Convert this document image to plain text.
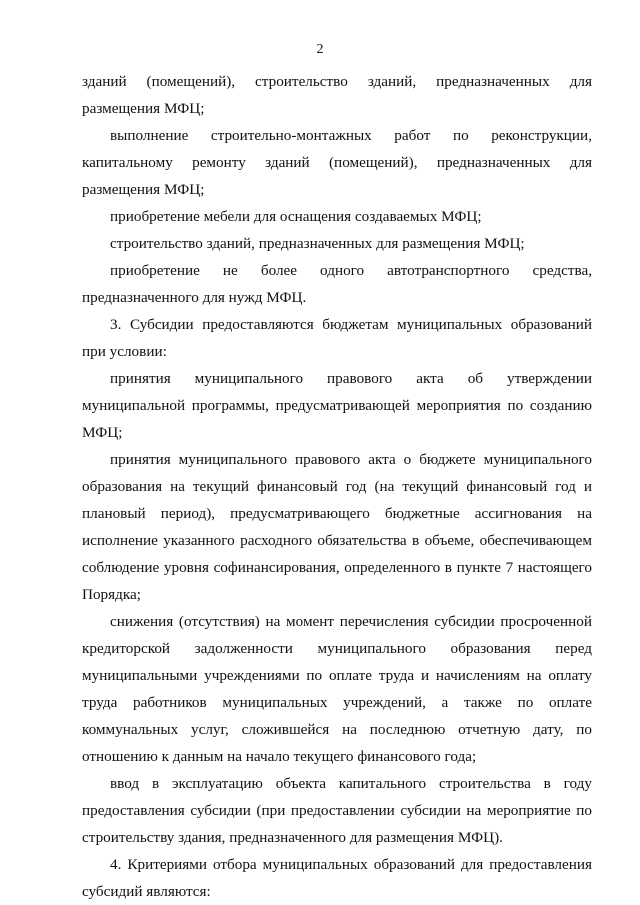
2

зданий (помещений), строительство зданий, предназначенных для размещения МФЦ;

выполнение строительно-монтажных работ по реконструкции, капитальному ремонту зданий (помещений), предназначенных для размещения МФЦ;

приобретение мебели для оснащения создаваемых МФЦ;

строительство зданий, предназначенных для размещения МФЦ;

приобретение не более одного автотранспортного средства, предназначенного для нужд МФЦ.

3. Субсидии предоставляются бюджетам муниципальных образований при условии:

принятия муниципального правового акта об утверждении муниципальной программы, предусматривающей мероприятия по созданию МФЦ;

принятия муниципального правового акта о бюджете муниципального образования на текущий финансовый год (на текущий финансовый год и плановый период), предусматривающего бюджетные ассигнования на исполнение указанного расходного обязательства в объеме, обеспечивающем соблюдение уровня софинансирования, определенного в пункте 7 настоящего Порядка;

снижения (отсутствия) на момент перечисления субсидии просроченной кредиторской задолженности муниципального образования перед муниципальными учреждениями по оплате труда и начислениям на оплату труда работников муниципальных учреждений, а также по оплате коммунальных услуг, сложившейся на последнюю отчетную дату, по отношению к данным на начало текущего финансового года;

ввод в эксплуатацию объекта капитального строительства в году предоставления субсидии (при предоставлении субсидии на мероприятие по строительству здания, предназначенного для размещения МФЦ).

4. Критериями отбора муниципальных образований для предоставления субсидий являются:
